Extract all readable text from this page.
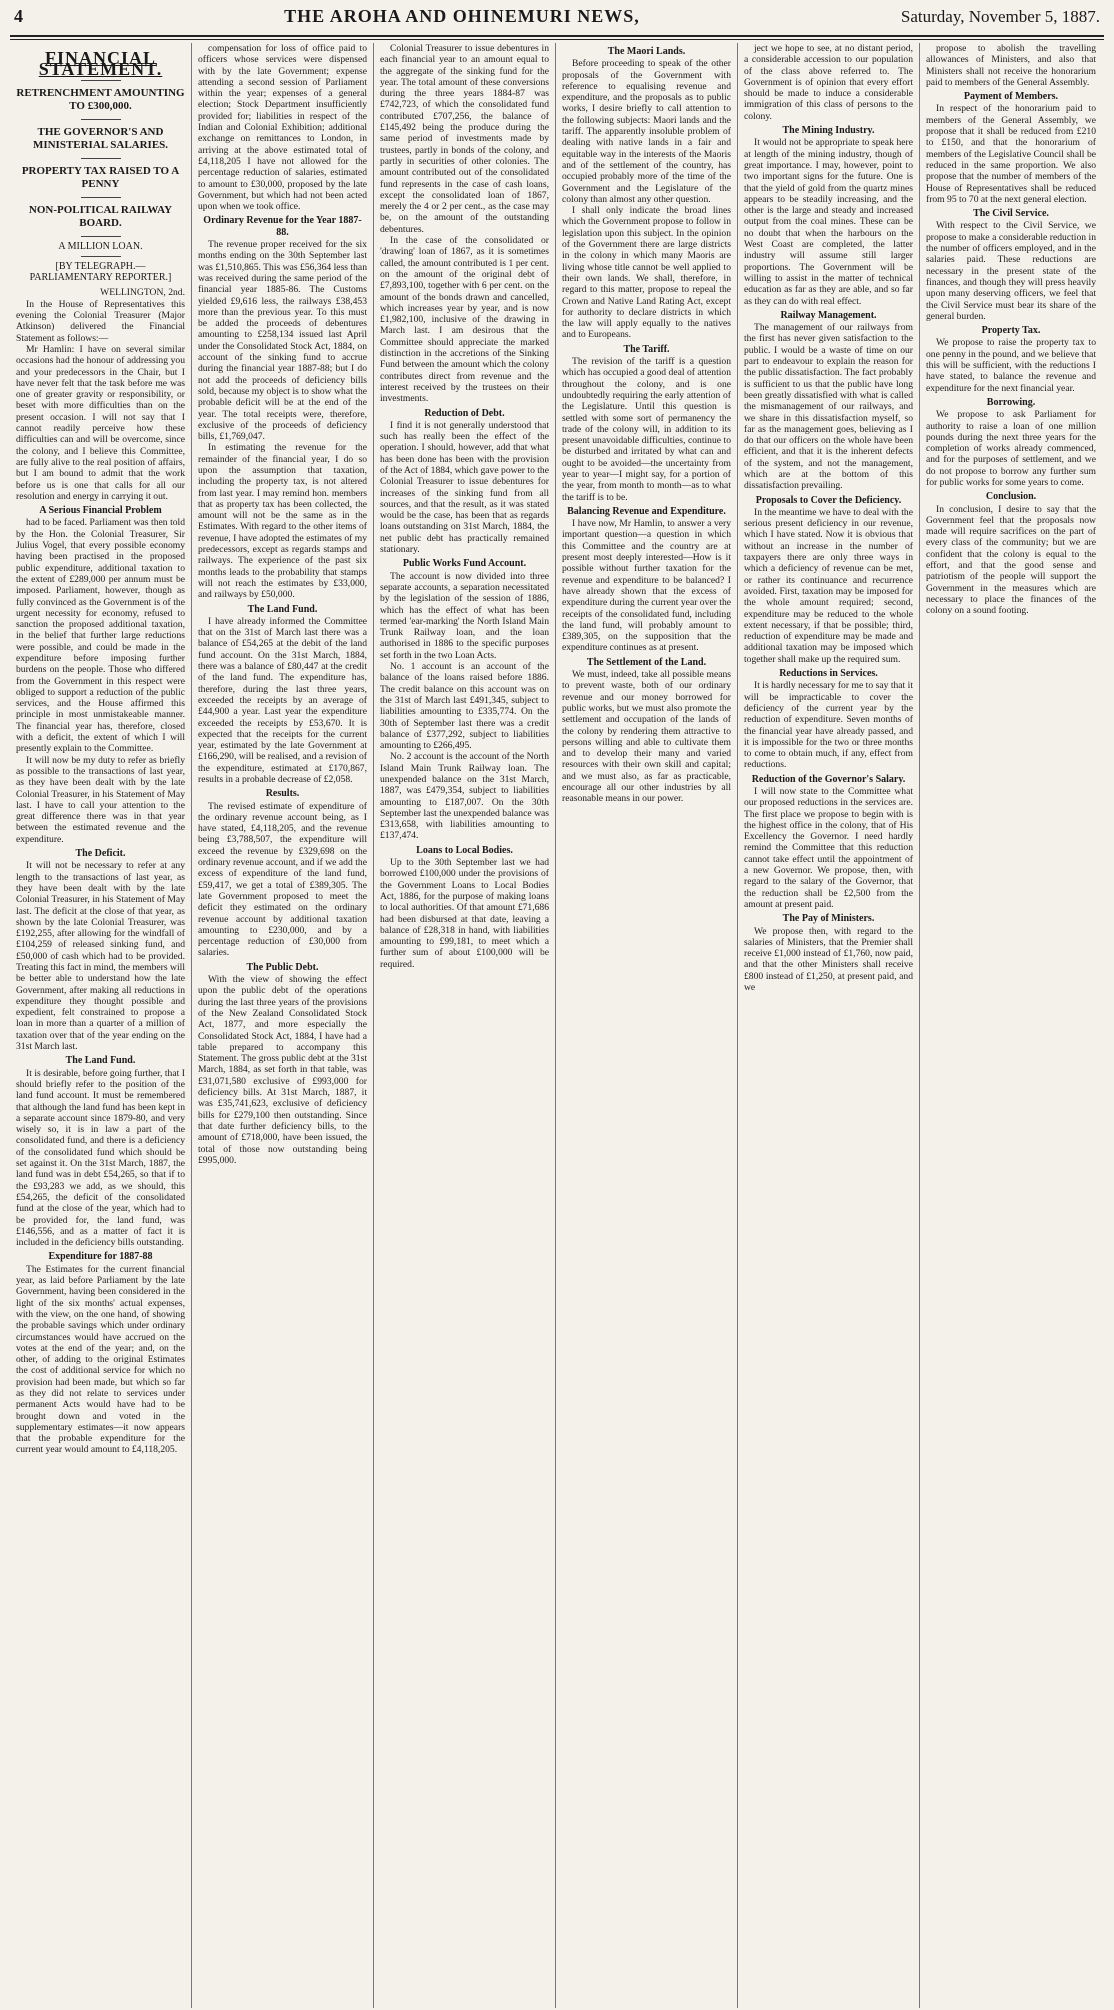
4	THE AROHA AND OHINEMURI NEWS,	Saturday, November 5, 1887.
FINANCIAL STATEMENT.
RETRENCHMENT AMOUNTING TO £300,000.
THE GOVERNOR'S AND MINISTERIAL SALARIES.
PROPERTY TAX RAISED TO A PENNY
NON-POLITICAL RAILWAY BOARD.
A MILLION LOAN.
[BY TELEGRAPH.—PARLIAMENTARY REPORTER.]
WELLINGTON, 2nd.

In the House of Representatives this evening the Colonial Treasurer (Major Atkinson) delivered the Financial Statement as follows:—

Mr Hamlin: I have on several similar occasions had the honour of addressing you and your predecessors in the Chair, but I have never felt that the task before me was one of greater gravity or responsibility, or beset with more difficulties than on the present occasion. I will not say that I cannot readily perceive how these difficulties can and will be overcome, since the colony, and I believe this Committee, are fully alive to the real position of affairs, but I am bound to admit that the work before us is one that calls for all our resolution and energy in carrying it out.

A Serious Financial Problem

had to be faced. Parliament was then told by the Hon. the Colonial Treasurer, Sir Julius Vogel, that every possible economy having been practised in the proposed public expenditure, additional taxation to the extent of £289,000 per annum must be imposed. Parliament, however, though as fully convinced as the Government is of the urgent necessity for economy, refused to sanction the proposed additional taxation, in the belief that further large reductions were possible, and could be made in the expenditure before imposing further burdens on the people. Those who differed from the Government in this respect were obliged to support a reduction of the public services, and the House affirmed this principle in most unmistakeable manner. The financial year has, therefore, closed with a deficit, the extent of which I will presently explain to the Committee.

It will now be my duty to refer as briefly as possible to the transactions of last year, as they have been dealt with by the late Colonial Treasurer, in his Statement of May last. I have to call your attention to the great difference there was in that year between the estimated revenue and the expenditure.

The Deficit.

It will not be necessary to refer at any length to the transactions of last year, as they have been dealt with by the late Colonial Treasurer, in his Statement of May last. The deficit at the close of that year, as shown by the late Colonial Treasurer, was £192,255, after allowing for the windfall of £104,259 of released sinking fund, and £50,000 of cash which had to be provided. Treating this fact in mind, the members will be better able to understand how the late Government, after making all reductions in expenditure they thought possible and expedient, felt constrained to propose a loan in more than a quarter of a million of taxation over that of the year ending on the 31st March last.

The Land Fund.

It is desirable, before going further, that I should briefly refer to the position of the land fund account. It must be remembered that although the land fund has been kept in a separate account since 1879-80, and very wisely so, it is in law a part of the consolidated fund, and there is a deficiency of the consolidated fund which should be set against it. On the 31st March, 1887, the land fund was in debt £54,265, so that if to the £93,283 we add, as we should, this £54,265, the deficit of the consolidated fund at the close of the year, which had to be provided for, the land fund, was £146,556, and as a matter of fact it is included in the deficiency bills outstanding.

Expenditure for 1887-88

The Estimates for the current financial year, as laid before Parliament by the late Government, having been considered in the light of the six months' actual expenses, with the view, on the one hand, of showing the probable savings which under ordinary circumstances would have accrued on the votes at the end of the year; and, on the other, of adding to the original Estimates the cost of additional service for which no provision had been made, but which so far as they did not relate to services under permanent Acts would have had to be brought down and voted in the supplementary estimates—it now appears that the probable expenditure for the current year would amount to £4,118,205.

compensation for loss of office paid to officers whose services were dispensed with by the late Government; expense attending a second session of Parliament within the year; expenses of a general election; Stock Department insufficiently provided for; liabilities in respect of the Indian and Colonial Exhibition; additional exchange on remittances to London, in arriving at the above estimated total of £4,118,205 I have not allowed for the percentage reduction of salaries, estimated to amount to £30,000, proposed by the late Government, but which had not been acted upon when we took office.

Ordinary Revenue for the Year 1887-88.

The revenue proper received for the six months ending on the 30th September last was £1,510,865. This was £56,364 less than was received during the same period of the financial year 1885-86. The Customs yielded £9,616 less, the railways £38,453 more than the previous year. To this must be added the proceeds of debentures amounting to £258,134 issued last April under the Consolidated Stock Act, 1884, on account of the sinking fund to accrue during the financial year 1887-88; but I do not add the proceeds of deficiency bills sold, because my object is to show what the probable deficit will be at the end of the year. The total receipts were, therefore, exclusive of the proceeds of deficiency bills, £1,769,047.

In estimating the revenue for the remainder of the financial year, I do so upon the assumption that taxation, including the property tax, is not altered from last year. I may remind hon. members that as property tax has been collected, the amount will not be the same as in the Estimates. With regard to the other items of revenue, I have adopted the estimates of my predecessors, except as regards stamps and railways. The experience of the past six months leads to the probability that stamps will not reach the estimates by £33,000, and railways by £50,000.

The Land Fund.

I have already informed the Committee that on the 31st of March last there was a balance of £54,265 at the debit of the land fund account. On the 31st March, 1884, there was a balance of £80,447 at the credit of the land fund. The expenditure has, therefore, during the last three years, exceeded the receipts by an average of £44,900 a year. Last year the expenditure exceeded the receipts by £53,670. It is expected that the receipts for the current year, estimated by the late Government at £166,290, will be realised, and a revision of the expenditure, estimated at £170,867, results in a probable decrease of £2,058.

Results.

The revised estimate of expenditure of the ordinary revenue account being, as I have stated, £4,118,205, and the revenue being £3,788,507, the expenditure will exceed the revenue by £329,698 on the ordinary revenue account, and if we add the excess of expenditure of the land fund, £59,417, we get a total of £389,305. The late Government proposed to meet the deficit they estimated on the ordinary revenue account by additional taxation amounting to £230,000, and by a percentage reduction of £30,000 from salaries.

The Public Debt.

With the view of showing the effect upon the public debt of the operations during the last three years of the provisions of the New Zealand Consolidated Stock Act, 1877, and more especially the Consolidated Stock Act, 1884, I have had a table prepared to accompany this Statement. The gross public debt at the 31st March, 1884, as set forth in that table, was £31,071,580 exclusive of £993,000 for deficiency bills. At 31st March, 1887, it was £35,741,623, exclusive of deficiency bills for £279,100 then outstanding. Since that date further deficiency bills, to the amount of £718,000, have been issued, the total of those now outstanding being £995,000.

Colonial Treasurer to issue debentures in each financial year to an amount equal to the aggregate of the sinking fund for the year. The total amount of these conversions during the three years 1884-87 was £742,723, of which the consolidated fund contributed £707,256, the balance of £145,492 being the produce during the same period of investments made by trustees, partly in bonds of the colony, and partly in securities of other colonies. The amount contributed out of the consolidated fund represents in the case of cash loans, except the consolidated loan of 1867, merely the 4 or 2 per cent., as the case may be, on the amount of the outstanding debentures.

In the case of the consolidated or 'drawing' loan of 1867, as it is sometimes called, the amount contributed is 1 per cent. on the amount of the original debt of £7,893,100, together with 6 per cent. on the amount of the bonds drawn and cancelled, which increases year by year, and is now £1,982,100, inclusive of the drawing in March last. I am desirous that the Committee should appreciate the marked distinction in the accretions of the Sinking Fund between the amount which the colony contributes direct from revenue and the interest received by the trustees on their investments.

Reduction of Debt.

I find it is not generally understood that such has really been the effect of the operation. I should, however, add that what has been done has been with the provision of the Act of 1884, which gave power to the Colonial Treasurer to issue debentures for increases of the sinking fund from all sources, and that the result, as it was stated would be the case, has been that as regards loans outstanding on 31st March, 1884, the net public debt has practically remained stationary.

Public Works Fund Account.

The account is now divided into three separate accounts, a separation necessitated by the legislation of the session of 1886, which has the effect of what has been termed 'ear-marking' the North Island Main Trunk Railway loan, and the loan authorised in 1886 to the specific purposes set forth in the two Loan Acts.

No. 1 account is an account of the balance of the loans raised before 1886. The credit balance on this account was on the 31st of March last £491,345, subject to liabilities amounting to £335,774. On the 30th of September last there was a credit balance of £377,292, subject to liabilities amounting to £266,495.

No. 2 account is the account of the North Island Main Trunk Railway loan. The unexpended balance on the 31st March, 1887, was £479,354, subject to liabilities amounting to £187,007. On the 30th September last the unexpended balance was £313,658, with liabilities amounting to £137,474.

Loans to Local Bodies.

Up to the 30th September last we had borrowed £100,000 under the provisions of the Government Loans to Local Bodies Act, 1886, for the purpose of making loans to local authorities. Of that amount £71,686 had been disbursed at that date, leaving a balance of £28,318 in hand, with liabilities amounting to £99,181, to meet which a further sum of about £100,000 will be required.

The Maori Lands.

Before proceeding to speak of the other proposals of the Government with reference to equalising revenue and expenditure, and the proposals as to public works, I desire briefly to call attention to the following subjects: Maori lands and the tariff. The apparently insoluble problem of dealing with native lands in a fair and equitable way in the interests of the Maoris and of the settlement of the country, has occupied probably more of the time of the Government and the Legislature of the colony than almost any other question.

I shall only indicate the broad lines which the Government propose to follow in legislation upon this subject. In the opinion of the Government there are large districts in the colony in which many Maoris are living whose title cannot be well applied to their own lands. We shall, therefore, in regard to this matter, propose to repeal the Crown and Native Land Rating Act, except for authority to declare districts in which the law will apply equally to the natives and to Europeans.

The Tariff.

The revision of the tariff is a question which has occupied a good deal of attention throughout the colony, and is one undoubtedly requiring the early attention of the Legislature. Until this question is settled with some sort of permanency the trade of the colony will, in addition to its present unavoidable difficulties, continue to be disturbed and irritated by what can and ought to be avoided—the uncertainty from year to year—I might say, for a portion of the year, from month to month—as to what the tariff is to be.

Balancing Revenue and Expenditure.

I have now, Mr Hamlin, to answer a very important question—a question in which this Committee and the country are at present most deeply interested—How is it possible without further taxation for the revenue and expenditure to be balanced? I have already shown that the excess of expenditure during the current year over the receipts of the consolidated fund, including the land fund, will probably amount to £389,305, on the supposition that the expenditure continues as at present.

The Settlement of the Land.

We must, indeed, take all possible means to prevent waste, both of our ordinary revenue and our money borrowed for public works, but we must also promote the settlement and occupation of the lands of the colony by rendering them attractive to persons willing and able to cultivate them and to develop their many and varied resources with their own skill and capital; and we must also, as far as practicable, encourage all our other industries by all reasonable means in our power.

ject we hope to see, at no distant period, a considerable accession to our population of the class above referred to. The Government is of opinion that every effort should be made to induce a considerable immigration of this class of persons to the colony.

The Mining Industry.

It would not be appropriate to speak here at length of the mining industry, though of great importance. I may, however, point to two important signs for the future. One is that the yield of gold from the quartz mines appears to be steadily increasing, and the other is the large and steady and increased output from the coal mines. These can be no doubt that when the harbours on the West Coast are completed, the latter industry will assume still larger proportions. The Government will be willing to assist in the matter of technical education as far as they are able, and so far as they can do with real effect.

Railway Management.

The management of our railways from the first has never given satisfaction to the public. I would be a waste of time on our part to endeavour to explain the reason for the public dissatisfaction. The fact probably is sufficient to us that the public have long been greatly dissatisfied with what is called the mismanagement of our railways, and we share in this dissatisfaction myself, so far as the management goes, believing as I do that our officers on the whole have been efficient, and that it is the inherent defects of the system, and not the management, which are at the bottom of this dissatisfaction prevailing.

Proposals to Cover the Deficiency.

In the meantime we have to deal with the serious present deficiency in our revenue, which I have stated. Now it is obvious that without an increase in the number of taxpayers there are only three ways in which a deficiency of revenue can be met, or rather its continuance and recurrence avoided. First, taxation may be imposed for the whole amount required; second, expenditure may be reduced to the whole extent necessary, if that be possible; third, reduction of expenditure may be made and additional taxation may be imposed which together shall make up the required sum.

Reductions in Services.

It is hardly necessary for me to say that it will be impracticable to cover the deficiency of the current year by the reduction of expenditure. Seven months of the financial year have already passed, and it is impossible for the two or three months to come to obtain much, if any, effect from reductions.

Reduction of the Governor's Salary.

I will now state to the Committee what our proposed reductions in the services are. The first place we propose to begin with is the highest office in the colony, that of His Excellency the Governor. I need hardly remind the Committee that this reduction cannot take effect until the appointment of a new Governor. We propose, then, with regard to the salary of the Governor, that the reduction shall be £2,500 from the amount at present paid.

The Pay of Ministers.

We propose then, with regard to the salaries of Ministers, that the Premier shall receive £1,000 instead of £1,760, now paid, and that the other Ministers shall receive £800 instead of £1,250, at present paid, and we

propose to abolish the travelling allowances of Ministers, and also that Ministers shall not receive the honorarium paid to members of the General Assembly.

Payment of Members.

In respect of the honorarium paid to members of the General Assembly, we propose that it shall be reduced from £210 to £150, and that the honorarium of members of the Legislative Council shall be reduced in the same proportion. We also propose that the number of members of the House of Representatives shall be reduced from 95 to 70 at the next general election.

The Civil Service.

With respect to the Civil Service, we propose to make a considerable reduction in the number of officers employed, and in the salaries paid. These reductions are necessary in the present state of the finances, and though they will press heavily upon many deserving officers, we feel that the Civil Service must bear its share of the general burden.

Property Tax.

We propose to raise the property tax to one penny in the pound, and we believe that this will be sufficient, with the reductions I have stated, to balance the revenue and expenditure for the next financial year.

Borrowing.

We propose to ask Parliament for authority to raise a loan of one million pounds during the next three years for the completion of works already commenced, and for the purposes of settlement, and we do not propose to borrow any further sum for public works for some years to come.

Conclusion.

In conclusion, I desire to say that the Government feel that the proposals now made will require sacrifices on the part of every class of the community; but we are confident that the colony is equal to the effort, and that the good sense and patriotism of the people will support the Government in the measures which are necessary to place the finances of the colony on a sound footing.
